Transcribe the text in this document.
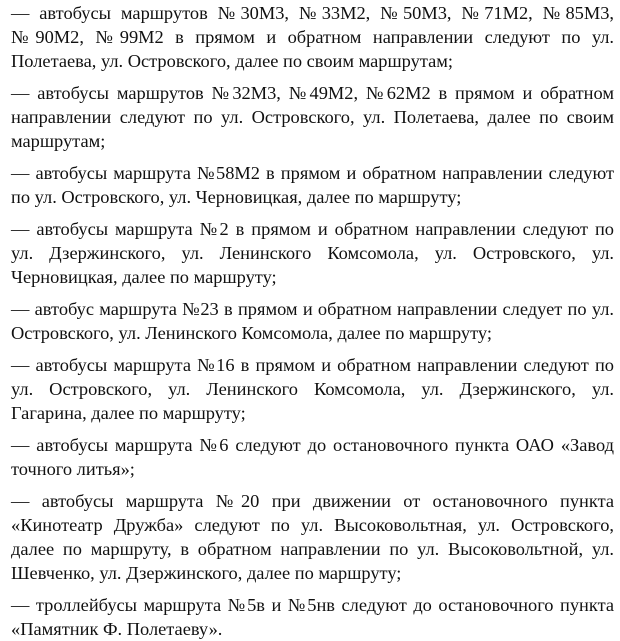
— автобусы маршрутов №30М3, №33М2, №50М3, №71М2, №85М3, №90М2, №99М2 в прямом и обратном направлении следуют по ул. Полетаева, ул. Островского, далее по своим маршрутам;

— автобусы маршрутов №32М3, №49М2, №62М2 в прямом и обратном направлении следуют по ул. Островского, ул. Полетаева, далее по своим маршрутам;

— автобусы маршрута №58М2 в прямом и обратном направлении следуют по ул. Островского, ул. Черновицкая, далее по маршруту;

— автобусы маршрута №2 в прямом и обратном направлении следуют по ул. Дзержинского, ул. Ленинского Комсомола, ул. Островского, ул. Черновицкая, далее по маршруту;

— автобус маршрута №23 в прямом и обратном направлении следует по ул. Островского, ул. Ленинского Комсомола, далее по маршруту;

— автобусы маршрута №16 в прямом и обратном направлении следуют по ул. Островского, ул. Ленинского Комсомола, ул. Дзержинского, ул. Гагарина, далее по маршруту;

— автобусы маршрута №6 следуют до остановочного пункта ОАО «Завод точного литья»;

— автобусы маршрута №20 при движении от остановочного пункта «Кинотеатр Дружба» следуют по ул. Высоковольтная, ул. Островского, далее по маршруту, в обратном направлении по ул. Высоковольтной, ул. Шевченко, ул. Дзержинского, далее по маршруту;

— троллейбусы маршрута №5в и №5нв следуют до остановочного пункта «Памятник Ф. Полетаеву».
